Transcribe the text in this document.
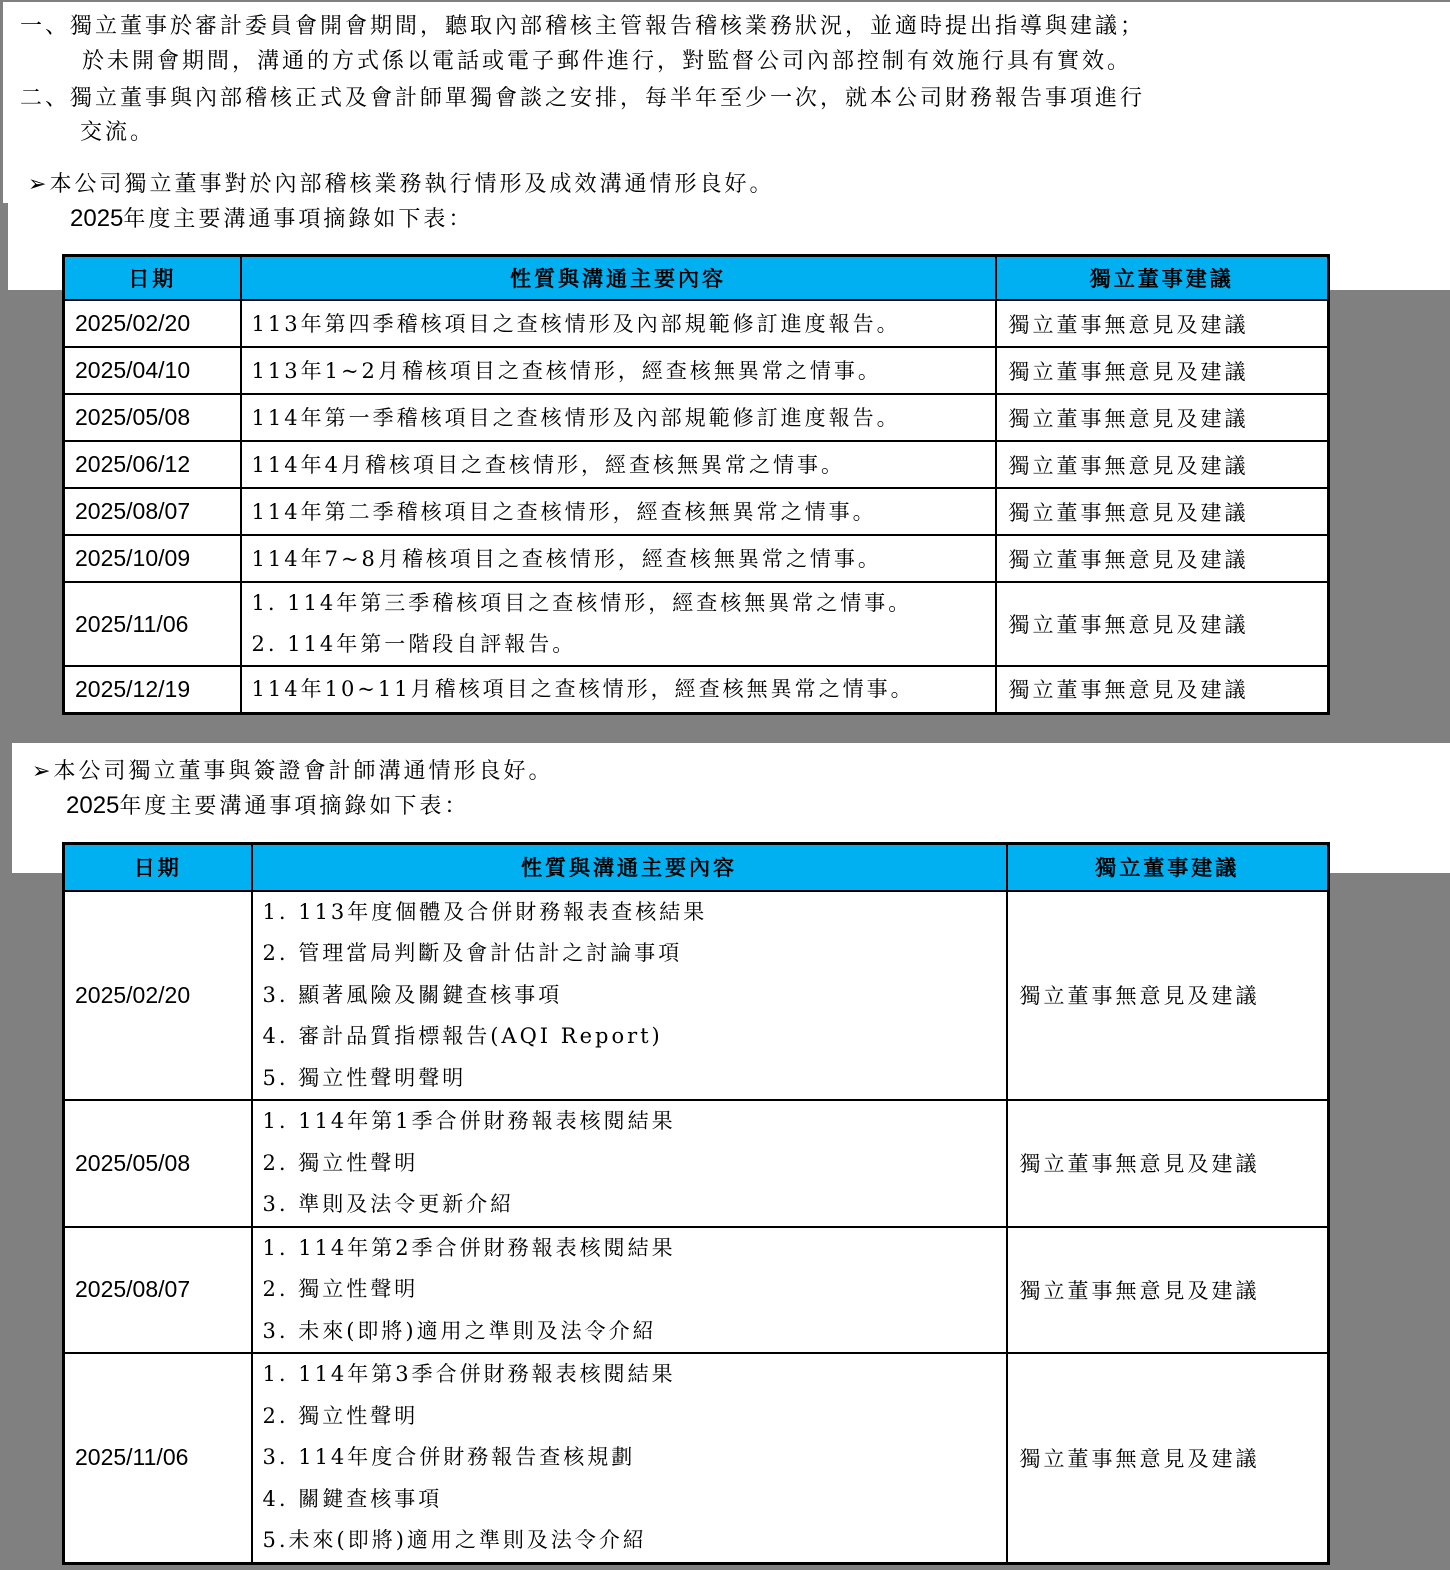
一、獨立董事於審計委員會開會期間，聽取內部稽核主管報告稽核業務狀況，並適時提出指導與建議；
於未開會期間，溝通的方式係以電話或電子郵件進行，對監督公司內部控制有效施行具有實效。
二、獨立董事與內部稽核正式及會計師單獨會談之安排，每半年至少一次，就本公司財務報告事項進行
交流。
➢本公司獨立董事對於內部稽核業務執行情形及成效溝通情形良好。
2025年度主要溝通事項摘錄如下表：
日期	性質與溝通主要內容	獨立董事建議
2025/02/20	113年第四季稽核項目之查核情形及內部規範修訂進度報告。	獨立董事無意見及建議
2025/04/10	113年1~2月稽核項目之查核情形，經查核無異常之情事。	獨立董事無意見及建議
2025/05/08	114年第一季稽核項目之查核情形及內部規範修訂進度報告。	獨立董事無意見及建議
2025/06/12	114年4月稽核項目之查核情形，經查核無異常之情事。	獨立董事無意見及建議
2025/08/07	114年第二季稽核項目之查核情形，經查核無異常之情事。	獨立董事無意見及建議
2025/10/09	114年7~8月稽核項目之查核情形，經查核無異常之情事。	獨立董事無意見及建議
2025/11/06	1. 114年第三季稽核項目之查核情形，經查核無異常之情事。
2. 114年第一階段自評報告。	獨立董事無意見及建議
2025/12/19	114年10~11月稽核項目之查核情形，經查核無異常之情事。	獨立董事無意見及建議
➢本公司獨立董事與簽證會計師溝通情形良好。
2025年度主要溝通事項摘錄如下表：
日期	性質與溝通主要內容	獨立董事建議
2025/02/20	1. 113年度個體及合併財務報表查核結果
2. 管理當局判斷及會計估計之討論事項
3. 顯著風險及關鍵查核事項
4. 審計品質指標報告(AQI Report)
5. 獨立性聲明聲明	獨立董事無意見及建議
2025/05/08	1. 114年第1季合併財務報表核閱結果
2. 獨立性聲明
3. 準則及法令更新介紹	獨立董事無意見及建議
2025/08/07	1. 114年第2季合併財務報表核閱結果
2. 獨立性聲明
3. 未來(即將)適用之準則及法令介紹	獨立董事無意見及建議
2025/11/06	1. 114年第3季合併財務報表核閱結果
2. 獨立性聲明
3. 114年度合併財務報告查核規劃
4. 關鍵查核事項
5.未來(即將)適用之準則及法令介紹	獨立董事無意見及建議
